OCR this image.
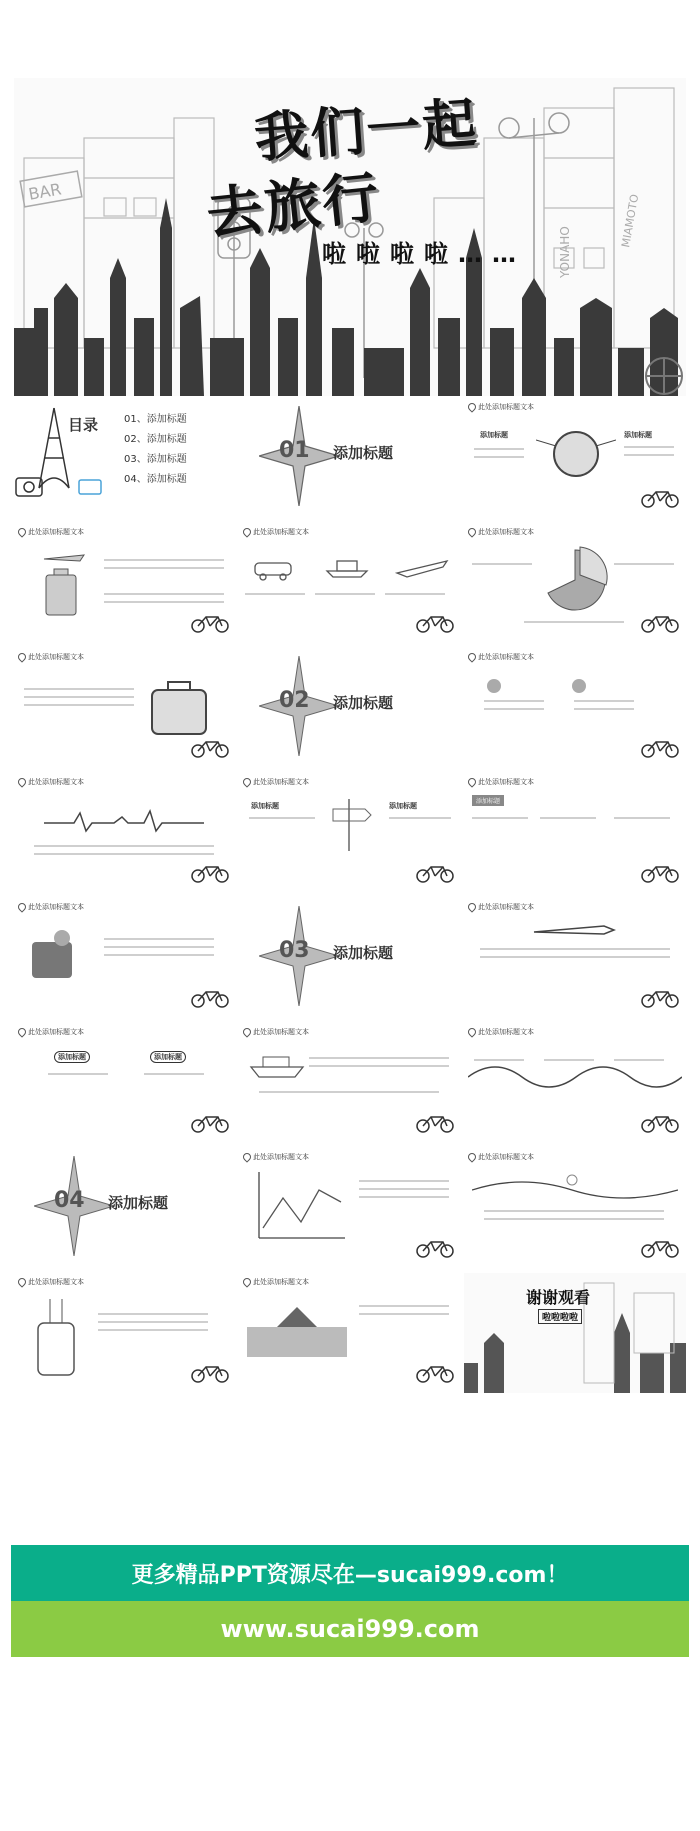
BAR
YONAHO
MIAMOTO
我们一起
去旅行
啦啦啦啦……
目录	01、添加标题
02、添加标题
03、添加标题
04、添加标题
01 添加标题
此处添加标题文本
添加标题	添加标题
此处添加标题文本	此处添加标题文本	此处添加标题文本
此处添加标题文本
02 添加标题
此处添加标题文本
此处添加标题文本	此处添加标题文本
添加标题	添加标题
此处添加标题文本
添加标题
此处添加标题文本
03 添加标题
此处添加标题文本
此处添加标题文本
添加标题	添加标题
此处添加标题文本	此处添加标题文本
04 添加标题
此处添加标题文本	此处添加标题文本
此处添加标题文本	此处添加标题文本
谢谢观看
啦啦啦啦
更多精品PPT资源尽在—sucai999.com！
www.sucai999.com
